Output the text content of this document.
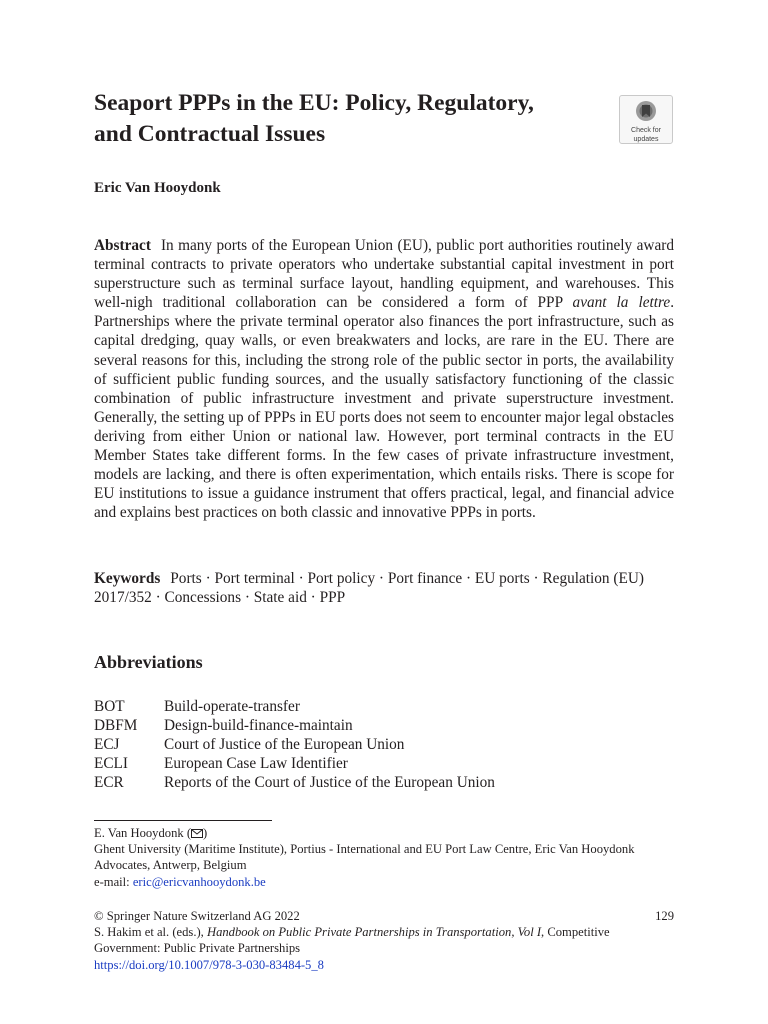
Seaport PPPs in the EU: Policy, Regulatory, and Contractual Issues	Check for
updates
Eric Van Hooydonk

Abstract In many ports of the European Union (EU), public port authorities routinely award terminal contracts to private operators who undertake substantial capital investment in port superstructure such as terminal surface layout, handling equipment, and warehouses. This well-nigh traditional collaboration can be considered a form of PPP avant la lettre. Partnerships where the private terminal operator also finances the port infrastructure, such as capital dredging, quay walls, or even breakwaters and locks, are rare in the EU. There are several reasons for this, including the strong role of the public sector in ports, the availability of sufficient public funding sources, and the usually satisfactory functioning of the classic combination of public infrastructure investment and private superstructure investment. Generally, the setting up of PPPs in EU ports does not seem to encounter major legal obstacles deriving from either Union or national law. However, port terminal contracts in the EU Member States take different forms. In the few cases of private infrastructure investment, models are lacking, and there is often experimentation, which entails risks. There is scope for EU institutions to issue a guidance instrument that offers practical, legal, and financial advice and explains best practices on both classic and innovative PPPs in ports.

Keywords Ports · Port terminal · Port policy · Port finance · EU ports · Regulation (EU) 2017/352 · Concessions · State aid · PPP

Abbreviations
BOT	Build-operate-transfer
DBFM	Design-build-finance-maintain
ECJ	Court of Justice of the European Union
ECLI	European Case Law Identifier
ECR	Reports of the Court of Justice of the European Union
E. Van Hooydonk ( )
Ghent University (Maritime Institute), Portius - International and EU Port Law Centre, Eric Van Hooydonk Advocates, Antwerp, Belgium
e-mail: eric@ericvanhooydonk.be
© Springer Nature Switzerland AG 2022	129
S. Hakim et al. (eds.), Handbook on Public Private Partnerships in Transportation, Vol I, Competitive Government: Public Private Partnerships
https://doi.org/10.1007/978-3-030-83484-5_8
